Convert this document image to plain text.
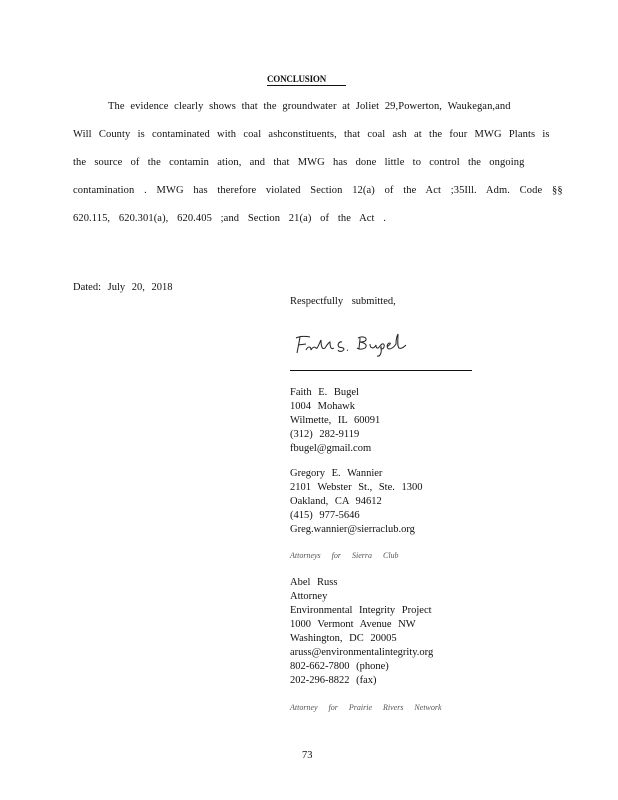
CONCLUSION
The evidence clearly shows that the groundwater at Joliet 29,Powerton, Waukegan,and
Will County is contaminated with coal ashconstituents, that coal ash at the four MWG Plants is
the source of the contamin ation, and that MWG has done little to control the ongoing
contamination . MWG has therefore violated Section 12(a) of the Act ;35Ill. Adm. Code §§
620.115, 620.301(a), 620.405 ;and Section 21(a) of the Act .
Dated: July 20, 2018
Respectfully submitted,
Faith E. Bugel
Faith E. Bugel
1004 Mohawk
Wilmette, IL 60091
(312) 282-9119
fbugel@gmail.com
Gregory E. Wannier
2101 Webster St., Ste. 1300
Oakland, CA 94612
(415) 977-5646
Greg.wannier@sierraclub.org
Attorneys for Sierra Club
Abel Russ
Attorney
Environmental Integrity Project
1000 Vermont Avenue NW
Washington, DC 20005
aruss@environmentalintegrity.org
802-662-7800 (phone)
202-296-8822 (fax)
Attorney for Prairie Rivers Network
73
